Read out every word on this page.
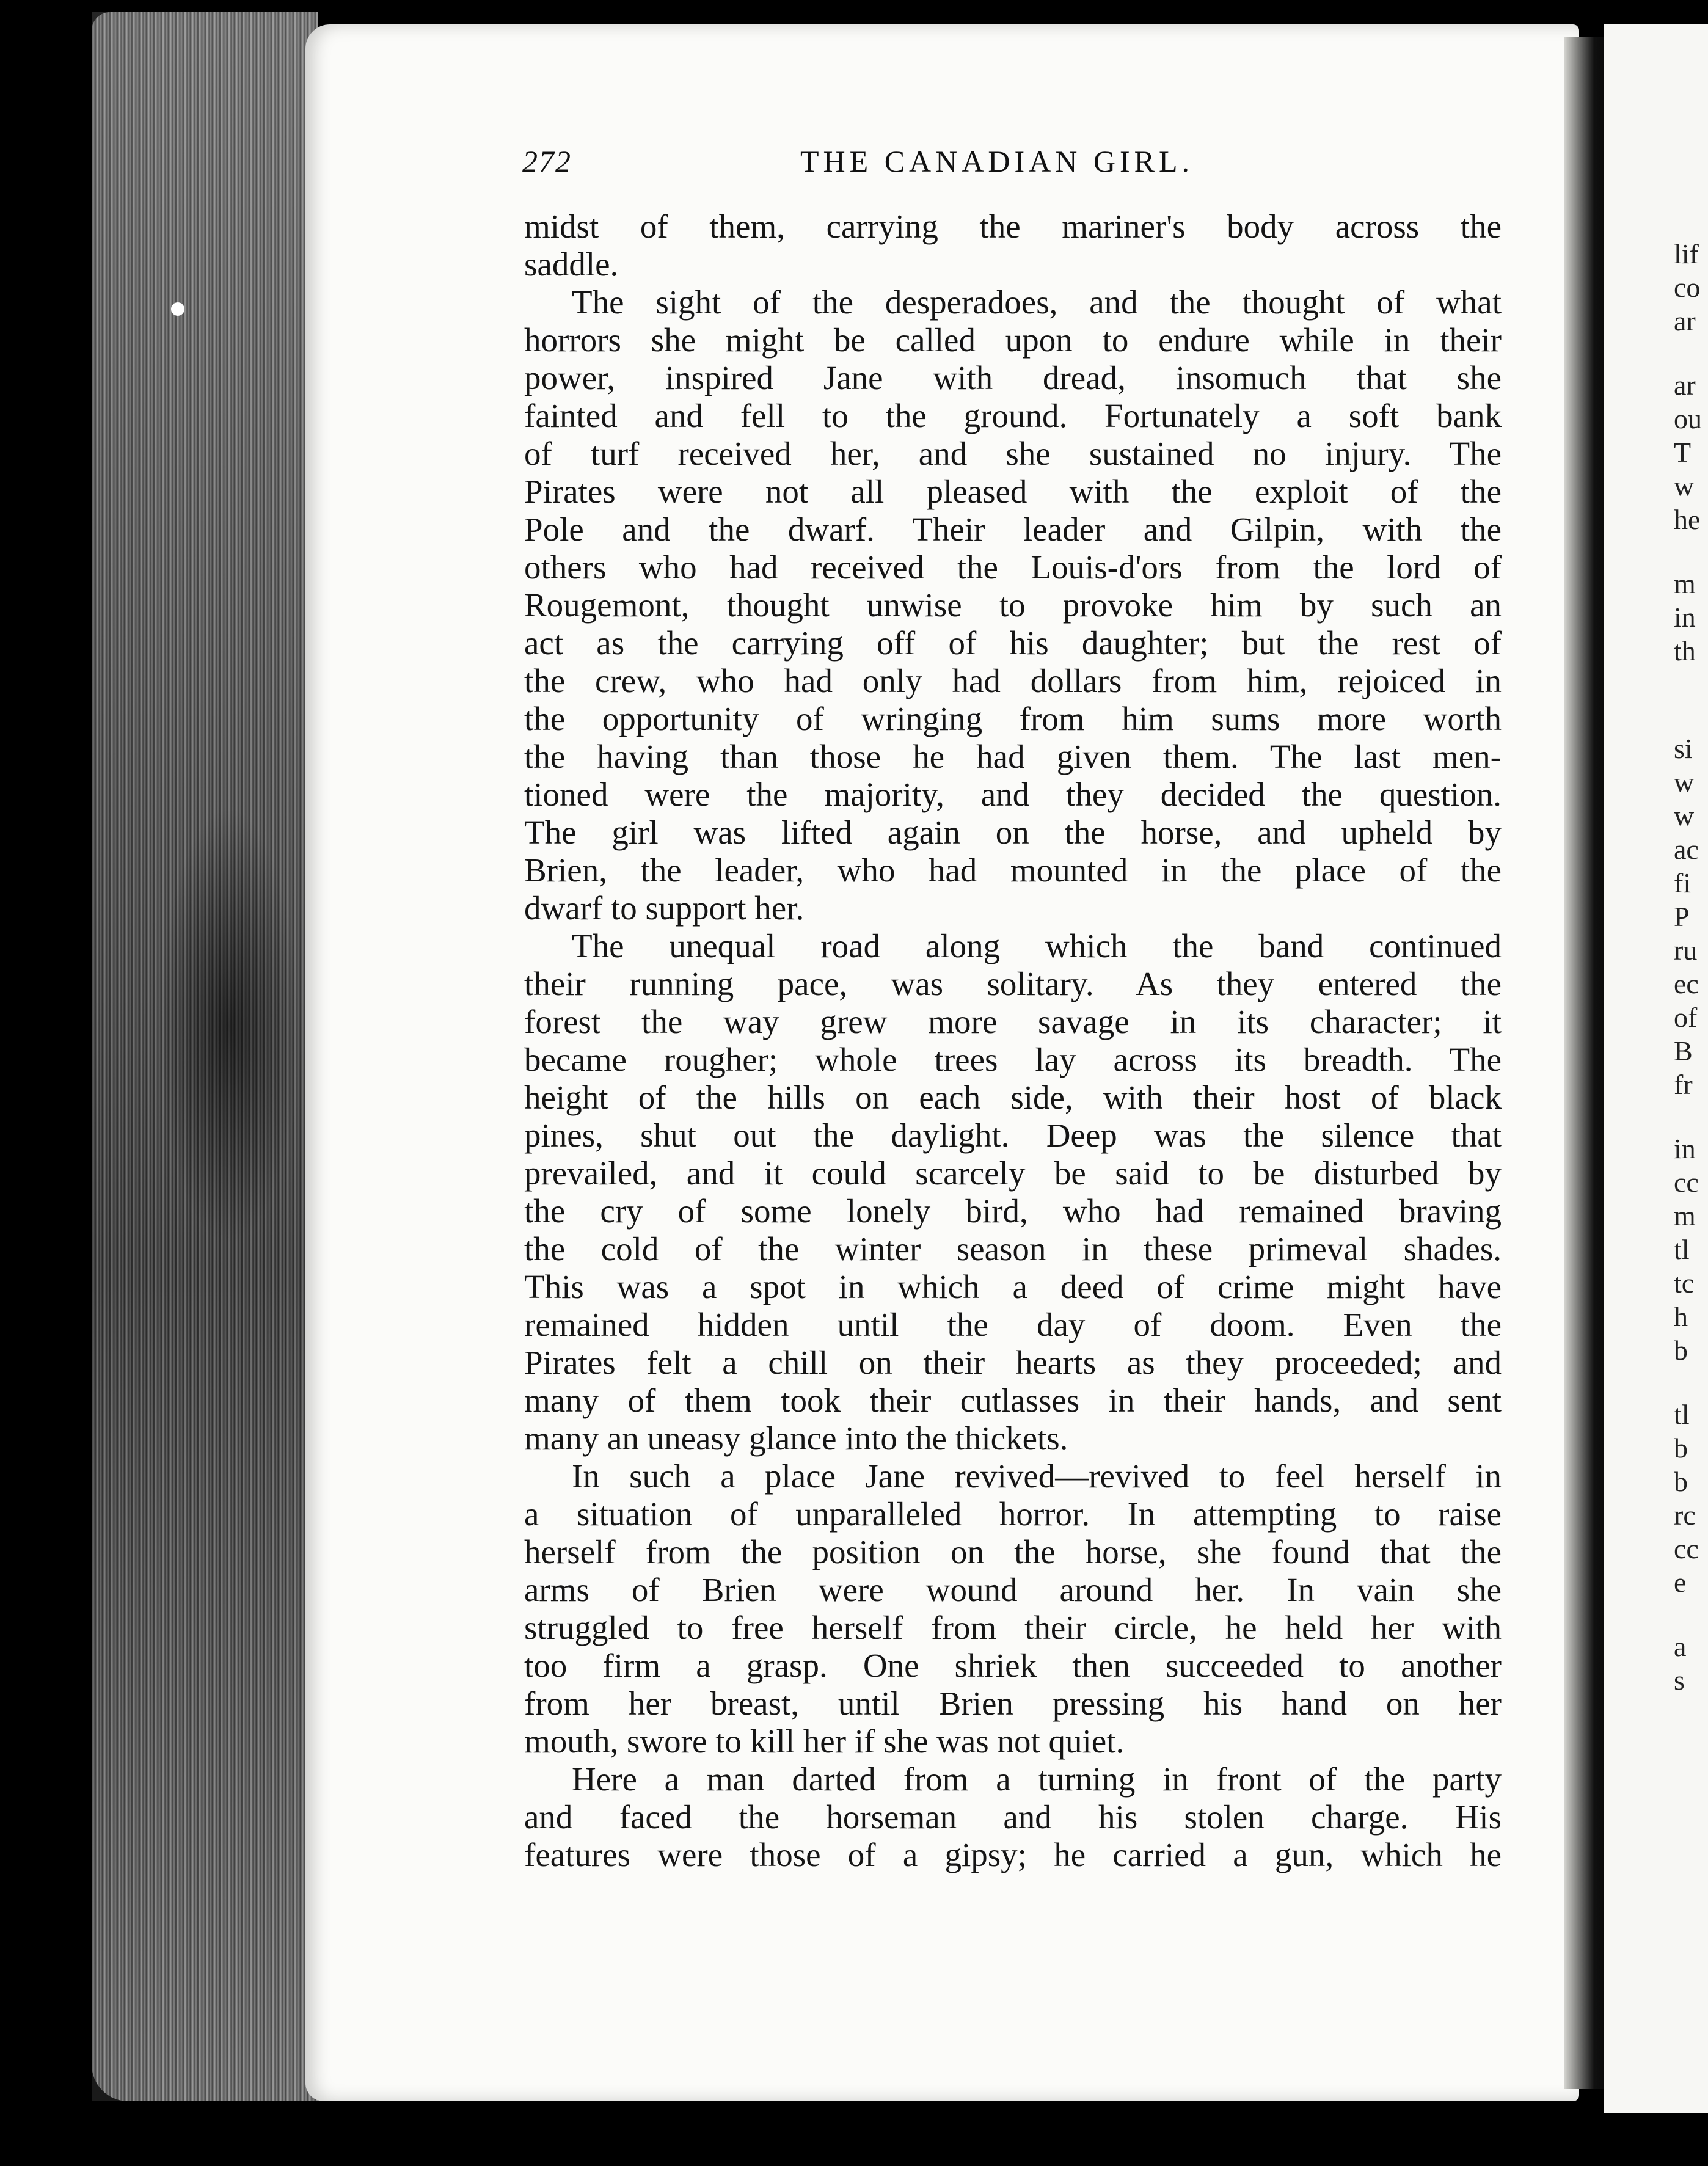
lif
co
ar
ar
ou
T
w
he
m
in
th
si
w
w
ac
fi
P
ru
ec
of
B
fr
in
cc
m
tl
tc
h
b
tl
b
b
rc
cc
e
a
s
272	THE CANADIAN GIRL.
midst of them, carrying the mariner's body across the
saddle.
The sight of the desperadoes, and the thought of what
horrors she might be called upon to endure while in their
power, inspired Jane with dread, insomuch that she
fainted and fell to the ground. Fortunately a soft bank
of turf received her, and she sustained no injury. The
Pirates were not all pleased with the exploit of the
Pole and the dwarf. Their leader and Gilpin, with the
others who had received the Louis-d'ors from the lord of
Rougemont, thought unwise to provoke him by such an
act as the carrying off of his daughter; but the rest of
the crew, who had only had dollars from him, rejoiced in
the opportunity of wringing from him sums more worth
the having than those he had given them. The last men-
tioned were the majority, and they decided the question.
The girl was lifted again on the horse, and upheld by
Brien, the leader, who had mounted in the place of the
dwarf to support her.
The unequal road along which the band continued
their running pace, was solitary. As they entered the
forest the way grew more savage in its character; it
became rougher; whole trees lay across its breadth. The
height of the hills on each side, with their host of black
pines, shut out the daylight. Deep was the silence that
prevailed, and it could scarcely be said to be disturbed by
the cry of some lonely bird, who had remained braving
the cold of the winter season in these primeval shades.
This was a spot in which a deed of crime might have
remained hidden until the day of doom. Even the
Pirates felt a chill on their hearts as they proceeded; and
many of them took their cutlasses in their hands, and sent
many an uneasy glance into the thickets.
In such a place Jane revived—revived to feel herself in
a situation of unparalleled horror. In attempting to raise
herself from the position on the horse, she found that the
arms of Brien were wound around her. In vain she
struggled to free herself from their circle, he held her with
too firm a grasp. One shriek then succeeded to another
from her breast, until Brien pressing his hand on her
mouth, swore to kill her if she was not quiet.
Here a man darted from a turning in front of the party
and faced the horseman and his stolen charge. His
features were those of a gipsy; he carried a gun, which he
